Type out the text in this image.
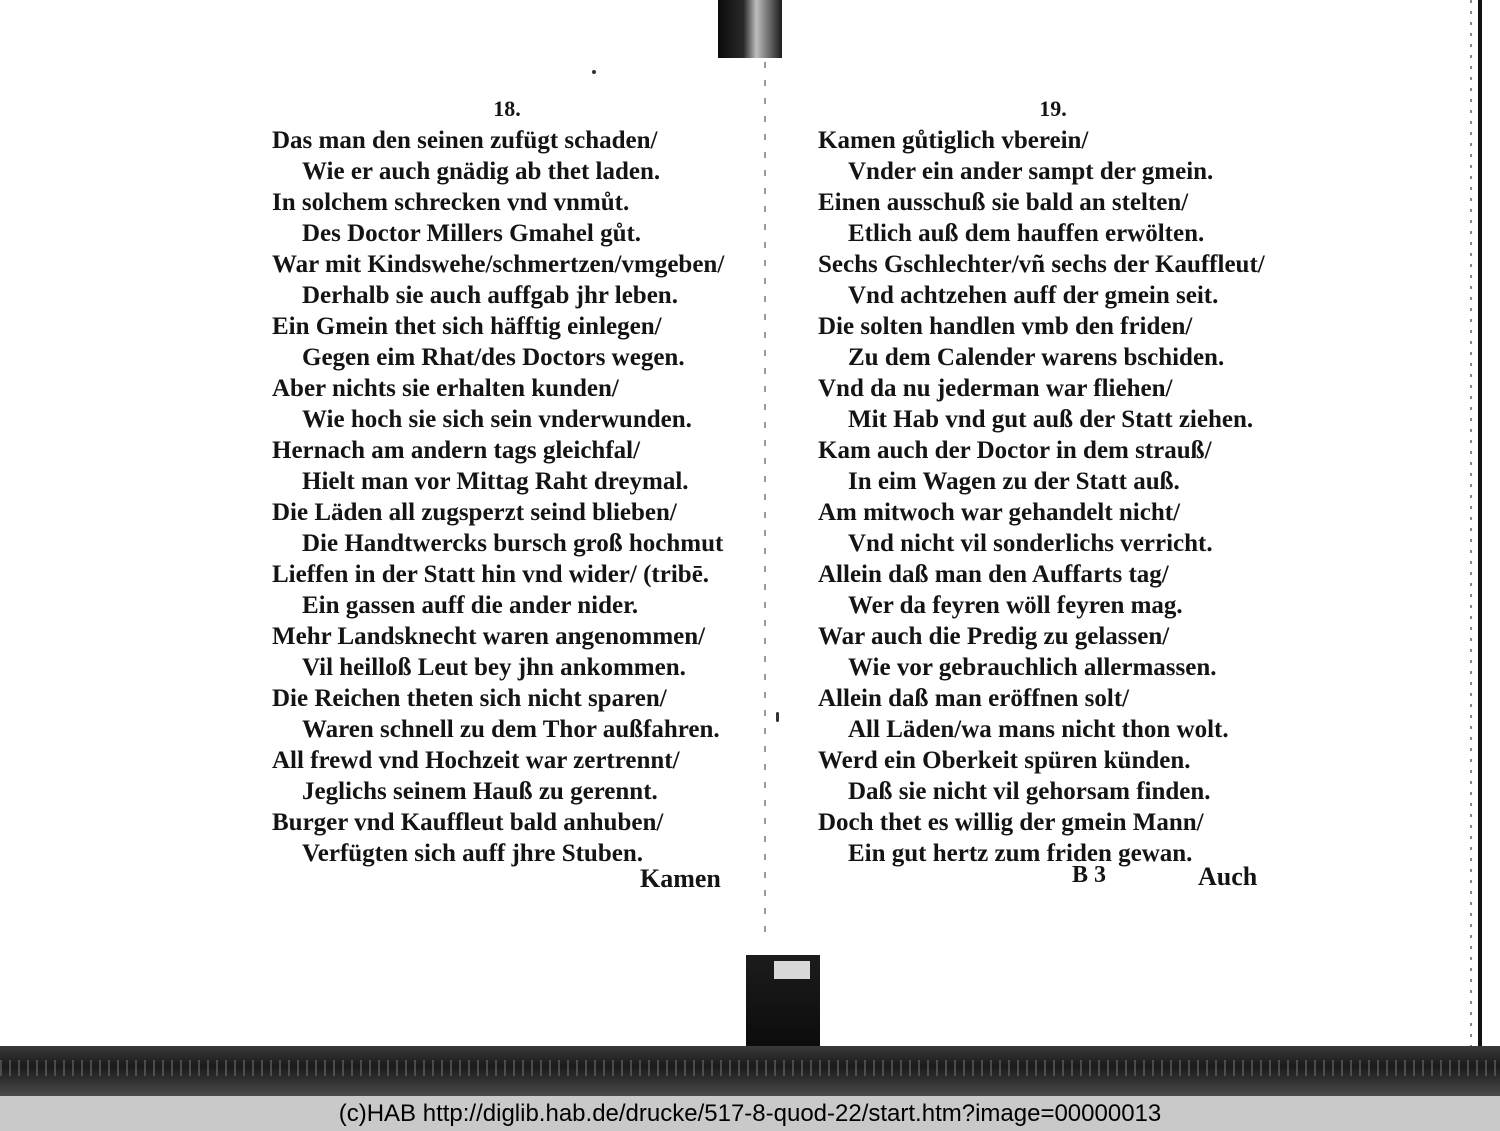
18.
Das man den seinen zufügt schaden/
Wie er auch gnädig ab thet laden.
In solchem schrecken vnd vnmůt.
Des Doctor Millers Gmahel gůt.
War mit Kindswehe/schmertzen/vmgeben/
Derhalb sie auch auffgab jhr leben.
Ein Gmein thet sich häfftig einlegen/
Gegen eim Rhat/des Doctors wegen.
Aber nichts sie erhalten kunden/
Wie hoch sie sich sein vnderwunden.
Hernach am andern tags gleichfal/
Hielt man vor Mittag Raht dreymal.
Die Läden all zugsperzt seind blieben/
Die Handtwercks bursch groß hochmut
Lieffen in der Statt hin vnd wider/ (tribē.
Ein gassen auff die ander nider.
Mehr Landsknecht waren angenommen/
Vil heilloß Leut bey jhn ankommen.
Die Reichen theten sich nicht sparen/
Waren schnell zu dem Thor außfahren.
All frewd vnd Hochzeit war zertrennt/
Jeglichs seinem Hauß zu gerennt.
Burger vnd Kauffleut bald anhuben/
Verfügten sich auff jhre Stuben.
Kamen
19.
Kamen gůtiglich vberein/
Vnder ein ander sampt der gmein.
Einen ausschuß sie bald an stelten/
Etlich auß dem hauffen erwölten.
Sechs Gschlechter/vñ sechs der Kauffleut/
Vnd achtzehen auff der gmein seit.
Die solten handlen vmb den friden/
Zu dem Calender warens bschiden.
Vnd da nu jederman war fliehen/
Mit Hab vnd gut auß der Statt ziehen.
Kam auch der Doctor in dem strauß/
In eim Wagen zu der Statt auß.
Am mitwoch war gehandelt nicht/
Vnd nicht vil sonderlichs verricht.
Allein daß man den Auffarts tag/
Wer da feyren wöll feyren mag.
War auch die Predig zu gelassen/
Wie vor gebrauchlich allermassen.
Allein daß man eröffnen solt/
All Läden/wa mans nicht thon wolt.
Werd ein Oberkeit spüren künden.
Daß sie nicht vil gehorsam finden.
Doch thet es willig der gmein Mann/
Ein gut hertz zum friden gewan.
B 3	Auch
(c)HAB http://diglib.hab.de/drucke/517-8-quod-22/start.htm?image=00000013
